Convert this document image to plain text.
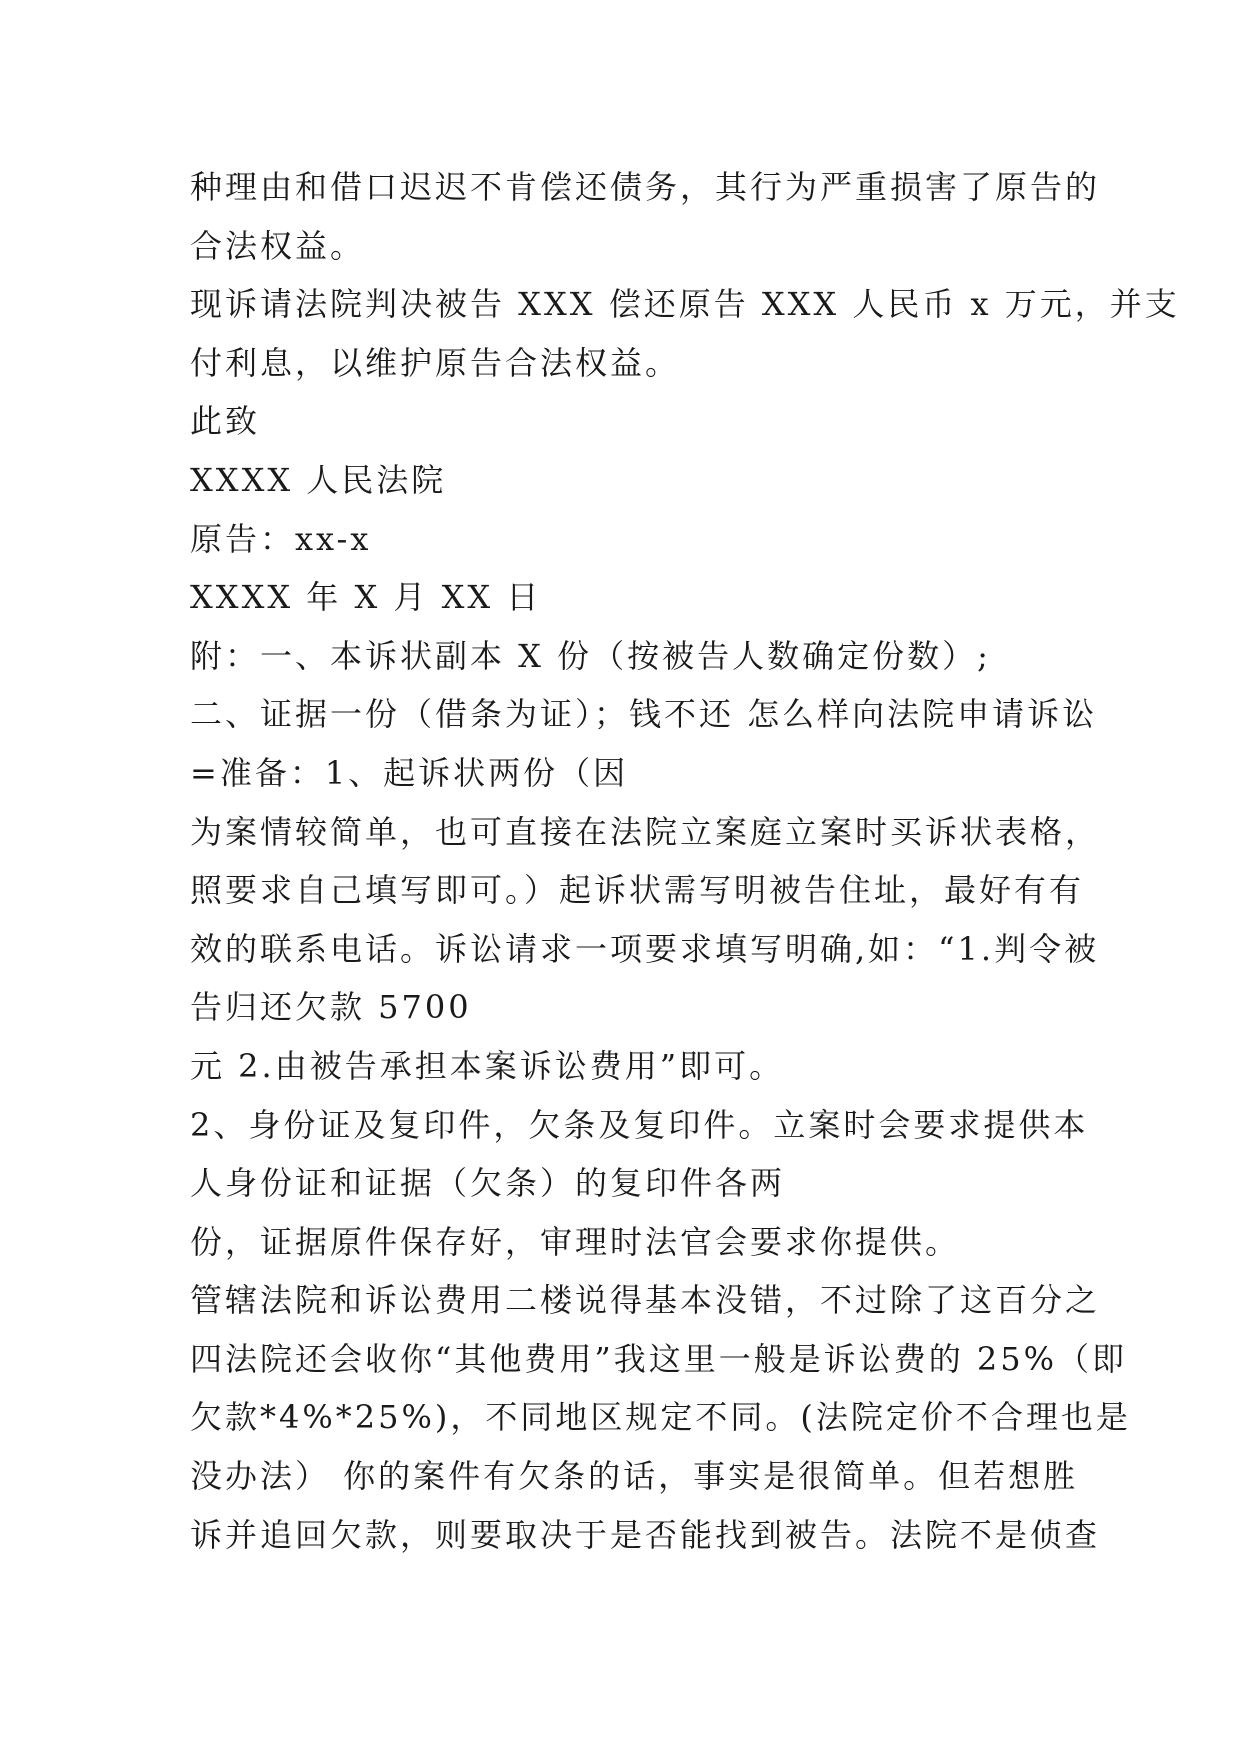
种理由和借口迟迟不肯偿还债务，其行为严重损害了原告的
合法权益。
现诉请法院判决被告 XXX 偿还原告 XXX 人民币 x 万元，并支
付利息，以维护原告合法权益。
此致
XXXX 人民法院
原告：xx-x
XXXX 年 X 月 XX 日
附：一、本诉状副本 X 份（按被告人数确定份数）;
二、证据一份（借条为证）；钱不还 怎么样向法院申请诉讼
=准备：1、起诉状两份（因
为案情较简单，也可直接在法院立案庭立案时买诉状表格，
照要求自己填写即可。）起诉状需写明被告住址，最好有有
效的联系电话。诉讼请求一项要求填写明确,如：“1.判令被
告归还欠款 5700
元 2.由被告承担本案诉讼费用”即可。
2、身份证及复印件，欠条及复印件。立案时会要求提供本
人身份证和证据（欠条）的复印件各两
份，证据原件保存好，审理时法官会要求你提供。
管辖法院和诉讼费用二楼说得基本没错，不过除了这百分之
四法院还会收你“其他费用”我这里一般是诉讼费的 25%（即
欠款*4%*25%)，不同地区规定不同。(法院定价不合理也是
没办法） 你的案件有欠条的话，事实是很简单。但若想胜
诉并追回欠款，则要取决于是否能找到被告。法院不是侦查
